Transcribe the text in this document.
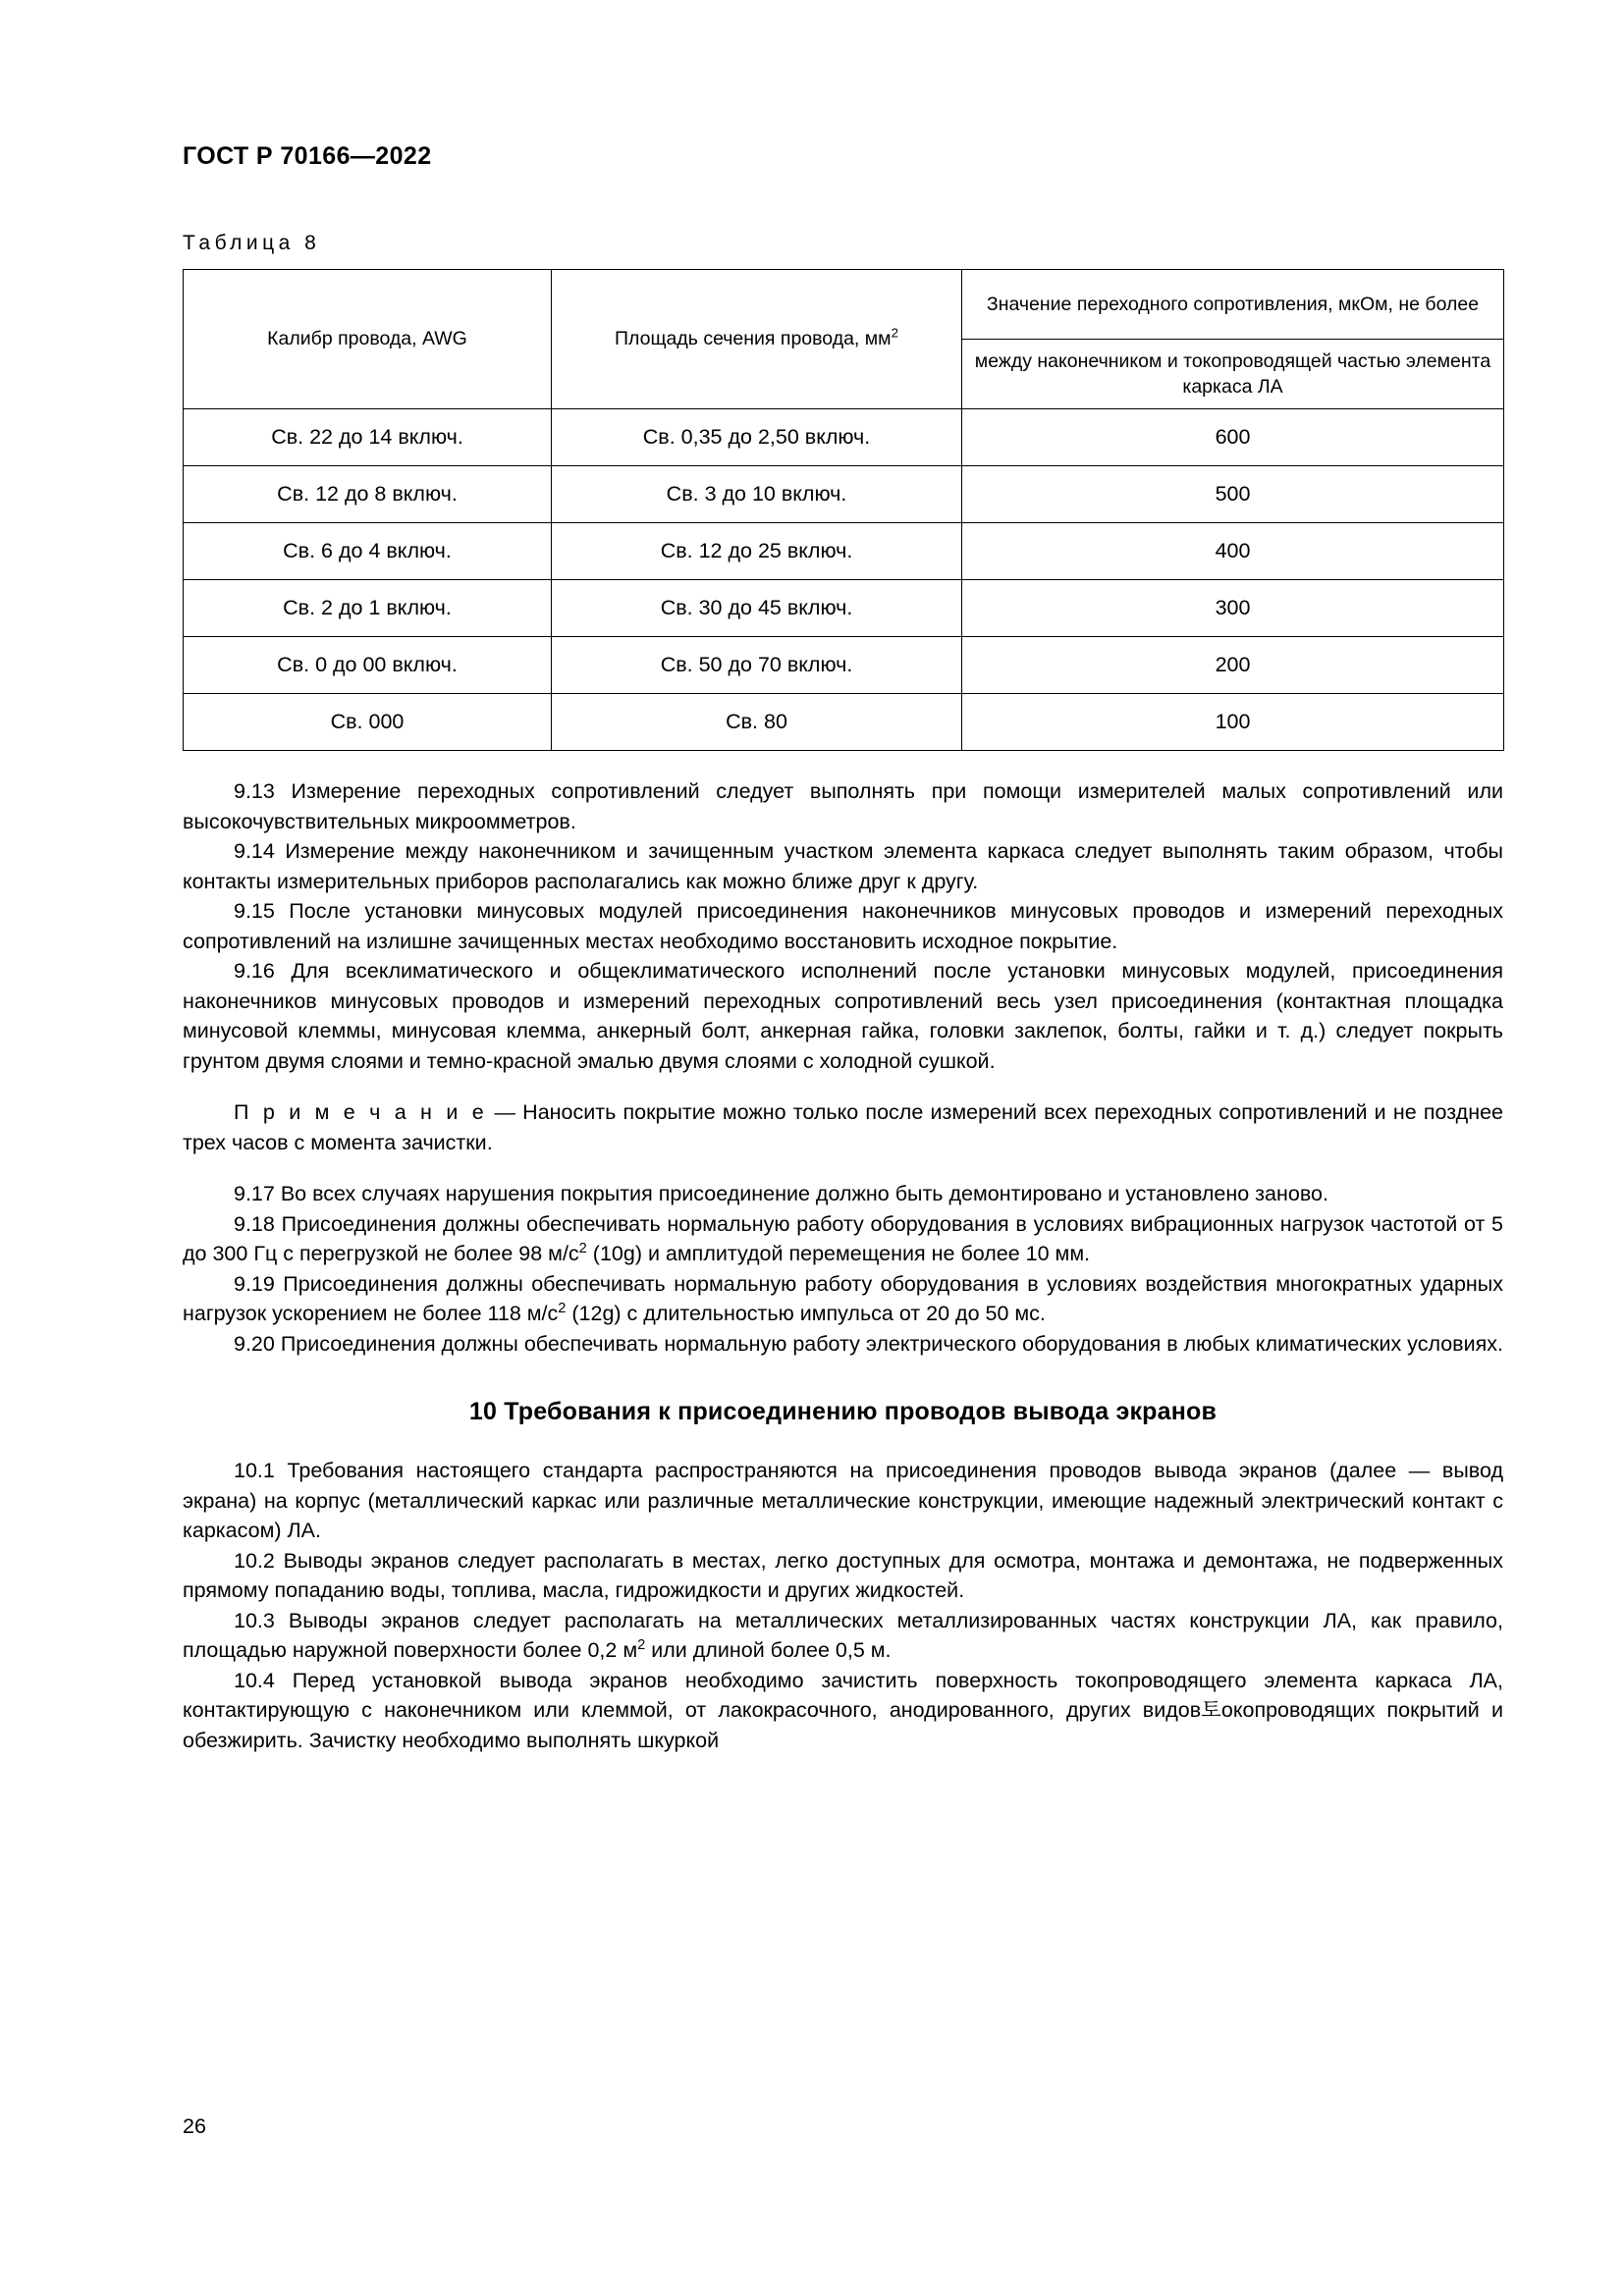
ГОСТ Р 70166—2022
Таблица 8
Калибр провода, AWG	Площадь сечения провода, $мм^2$	Значение переходного сопротивления, мкОм, не более
		между наконечником и токопроводящей частью элемента каркаса ЛА
Св. 22 до 14 включ.	Св. 0,35 до 2,50 включ.	600
Св. 12 до 8 включ.	Св. 3 до 10 включ.	500
Св. 6 до 4 включ.	Св. 12 до 25 включ.	400
Св. 2 до 1 включ.	Св. 30 до 45 включ.	300
Св. 0 до 00 включ.	Св. 50 до 70 включ.	200
Св. 000	Св. 80	100

9.13 Измерение переходных сопротивлений следует выполнять при помощи измерителей малых сопротивлений или высокочувствительных микроомметров.

9.14 Измерение между наконечником и зачищенным участком элемента каркаса следует выполнять таким образом, чтобы контакты измерительных приборов располагались как можно ближе друг к другу.

9.15 После установки минусовых модулей присоединения наконечников минусовых проводов и измерений переходных сопротивлений на излишне зачищенных местах необходимо восстановить исходное покрытие.

9.16 Для всеклиматического и общеклиматического исполнений после установки минусовых модулей, присоединения наконечников минусовых проводов и измерений переходных сопротивлений весь узел присоединения (контактная площадка минусовой клеммы, минусовая клемма, анкерный болт, анкерная гайка, головки заклепок, болты, гайки и т. д.) следует покрыть грунтом двумя слоями и темно-красной эмалью двумя слоями с холодной сушкой.

П р и м е ч а н и е — Наносить покрытие можно только после измерений всех переходных сопротивлений и не позднее трех часов с момента зачистки.

9.17 Во всех случаях нарушения покрытия присоединение должно быть демонтировано и установлено заново.

9.18 Присоединения должны обеспечивать нормальную работу оборудования в условиях вибрационных нагрузок частотой от 5 до 300 Гц с перегрузкой не более 98 $м/с^2$ (10g) и амплитудой перемещения не более 10 мм.

9.19 Присоединения должны обеспечивать нормальную работу оборудования в условиях воздействия многократных ударных нагрузок ускорением не более 118 $м/с^2$ (12g) с длительностью импульса от 20 до 50 мс.

9.20 Присоединения должны обеспечивать нормальную работу электрического оборудования в любых климатических условиях.

10 Требования к присоединению проводов вывода экранов

10.1 Требования настоящего стандарта распространяются на присоединения проводов вывода экранов (далее — вывод экрана) на корпус (металлический каркас или различные металлические конструкции, имеющие надежный электрический контакт с каркасом) ЛА.

10.2 Выводы экранов следует располагать в местах, легко доступных для осмотра, монтажа и демонтажа, не подверженных прямому попаданию воды, топлива, масла, гидрожидкости и других жидкостей.

10.3 Выводы экранов следует располагать на металлических металлизированных частях конструкции ЛА, как правило, площадью наружной поверхности более 0,2 $м^2$ или длиной более 0,5 м.

10.4 Перед установкой вывода экранов необходимо зачистить поверхность токопроводящего элемента каркаса ЛА, контактирующую с наконечником или клеммой, от лакокрасочного, анодированного, других видов토окопроводящих покрытий и обезжирить. Зачистку необходимо выполнять шкуркой

26
